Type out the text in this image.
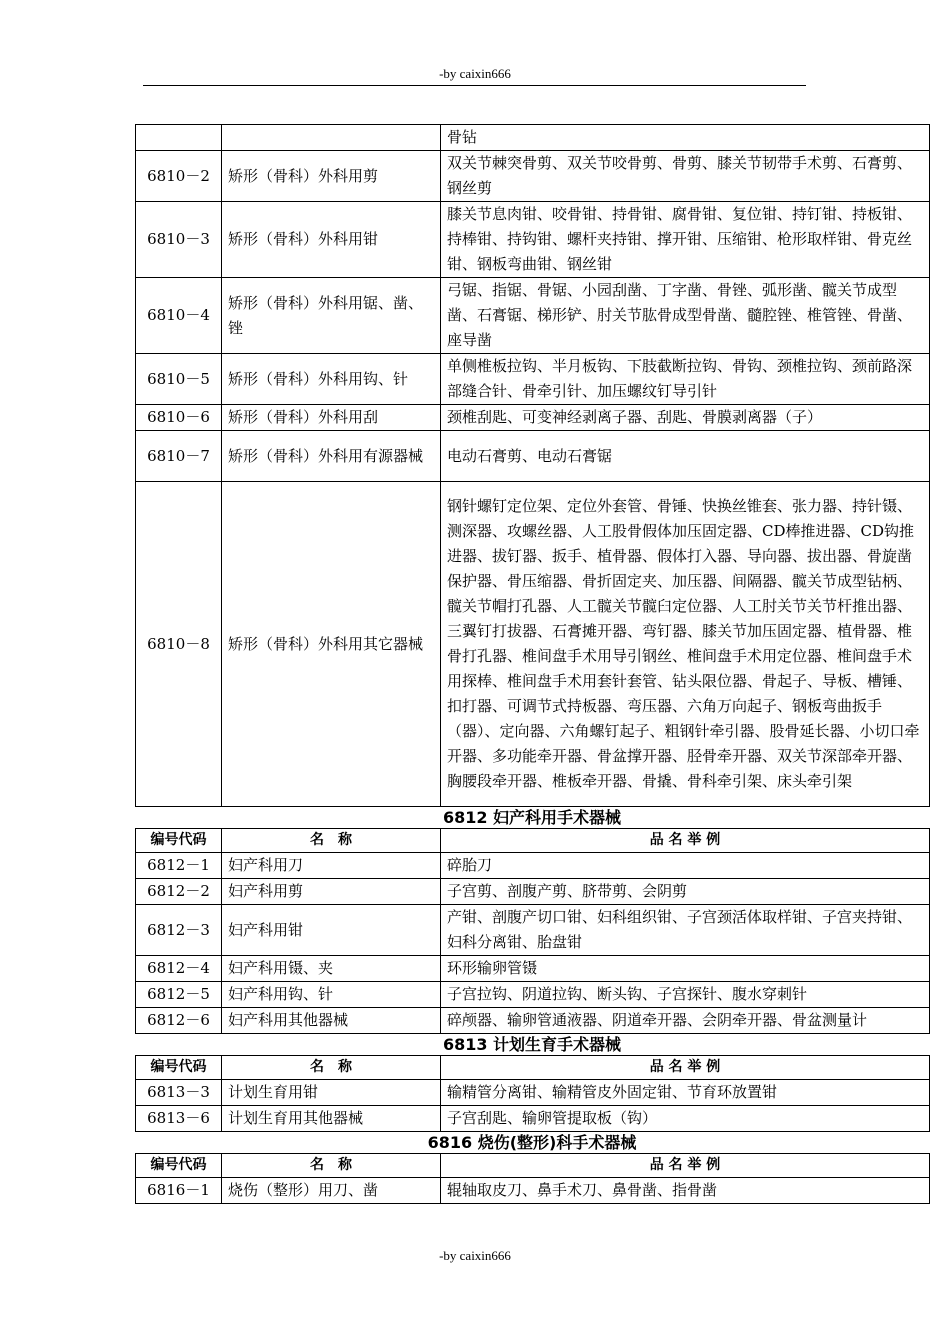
-by caixin666
		骨钻
6810－2	矫形（骨科）外科用剪	双关节棘突骨剪、双关节咬骨剪、骨剪、膝关节韧带手术剪、石膏剪、钢丝剪
6810－3	矫形（骨科）外科用钳	膝关节息肉钳、咬骨钳、持骨钳、腐骨钳、复位钳、持钉钳、持板钳、持棒钳、持钩钳、螺杆夹持钳、撑开钳、压缩钳、枪形取样钳、骨克丝钳、钢板弯曲钳、钢丝钳
6810－4	矫形（骨科）外科用锯、凿、锉	弓锯、指锯、骨锯、小园刮凿、丁字凿、骨锉、弧形凿、髋关节成型凿、石膏锯、梯形铲、肘关节肱骨成型骨凿、髓腔锉、椎管锉、骨凿、座导凿
6810－5	矫形（骨科）外科用钩、针	单侧椎板拉钩、半月板钩、下肢截断拉钩、骨钩、颈椎拉钩、颈前路深部缝合针、骨牵引针、加压螺纹钉导引针
6810－6	矫形（骨科）外科用刮	颈椎刮匙、可变神经剥离子器、刮匙、骨膜剥离器（子）
6810－7	矫形（骨科）外科用有源器械	电动石膏剪、电动石膏锯
6810－8	矫形（骨科）外科用其它器械	钢针螺钉定位架、定位外套管、骨锤、快换丝锥套、张力器、持针镊、测深器、攻螺丝器、人工股骨假体加压固定器、CD棒推进器、CD钩推进器、拔钉器、扳手、植骨器、假体打入器、导向器、拔出器、骨旋凿保护器、骨压缩器、骨折固定夹、加压器、间隔器、髋关节成型钻柄、髋关节帽打孔器、人工髋关节髋臼定位器、人工肘关节关节杆推出器、三翼钉打拔器、石膏摊开器、弯钉器、膝关节加压固定器、植骨器、椎骨打孔器、椎间盘手术用导引钢丝、椎间盘手术用定位器、椎间盘手术用探棒、椎间盘手术用套针套管、钻头限位器、骨起子、导板、槽锤、扣打器、可调节式持板器、弯压器、六角万向起子、钢板弯曲扳手（器）、定向器、六角螺钉起子、粗钢针牵引器、股骨延长器、小切口牵开器、多功能牵开器、骨盆撑开器、胫骨牵开器、双关节深部牵开器、胸腰段牵开器、椎板牵开器、骨撬、骨科牵引架、床头牵引架
6812 妇产科用手术器械
编号代码	名　称	品 名 举 例
6812－1	妇产科用刀	碎胎刀
6812－2	妇产科用剪	子宫剪、剖腹产剪、脐带剪、会阴剪
6812－3	妇产科用钳	产钳、剖腹产切口钳、妇科组织钳、子宫颈活体取样钳、子宫夹持钳、妇科分离钳、胎盘钳
6812－4	妇产科用镊、夹	环形输卵管镊
6812－5	妇产科用钩、针	子宫拉钩、阴道拉钩、断头钩、子宫探针、腹水穿刺针
6812－6	妇产科用其他器械	碎颅器、输卵管通液器、阴道牵开器、会阴牵开器、骨盆测量计
6813 计划生育手术器械
编号代码	名　称	品 名 举 例
6813－3	计划生育用钳	输精管分离钳、输精管皮外固定钳、节育环放置钳
6813－6	计划生育用其他器械	子宫刮匙、输卵管提取板（钩）
6816 烧伤(整形)科手术器械
编号代码	名　称	品 名 举 例
6816－1	烧伤（整形）用刀、凿	辊轴取皮刀、鼻手术刀、鼻骨凿、指骨凿
-by caixin666
